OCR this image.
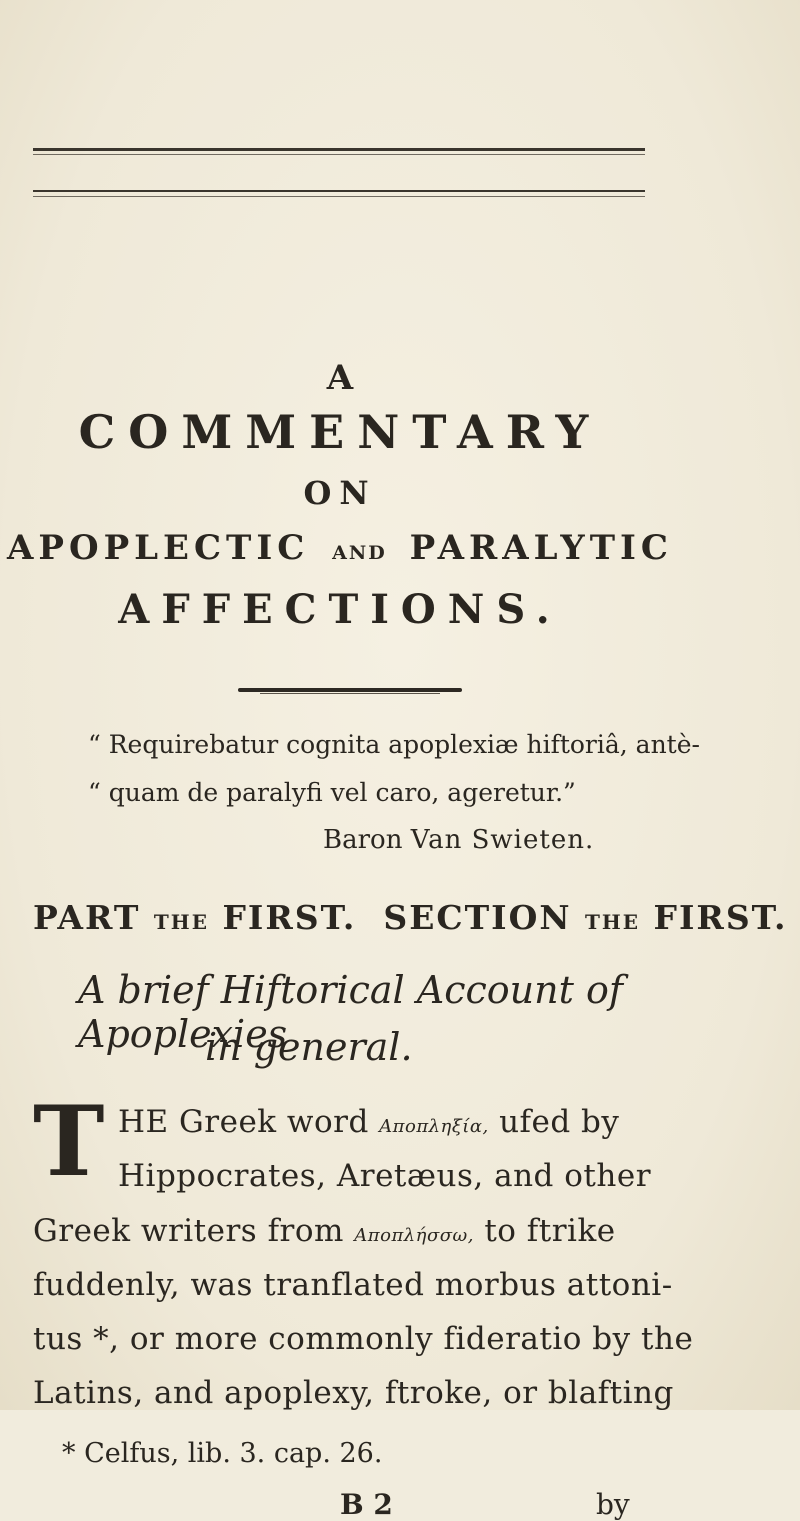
A
COMMENTARY
ON
APOPLECTIC AND PARALYTIC
AFFECTIONS.
“ Requirebatur cognita apoplexiæ hiftoriâ, antè-
“ quam de paralyfi vel caro, ageretur.”
Baron Van Swieten.
PART THE FIRST. SECTION THE FIRST.
A brief Hiftorical Account of Apoplexies
in general.
T HE Greek word Αποπληξία, ufed by
Hippocrates, Aretæus, and other
Greek writers from Αποπλήσσω, to ftrike
fuddenly, was tranflated morbus attoni-
tus *, or more commonly fideratio by the
Latins, and apoplexy, ftroke, or blafting
* Celfus, lib. 3. cap. 26.
B 2	by
